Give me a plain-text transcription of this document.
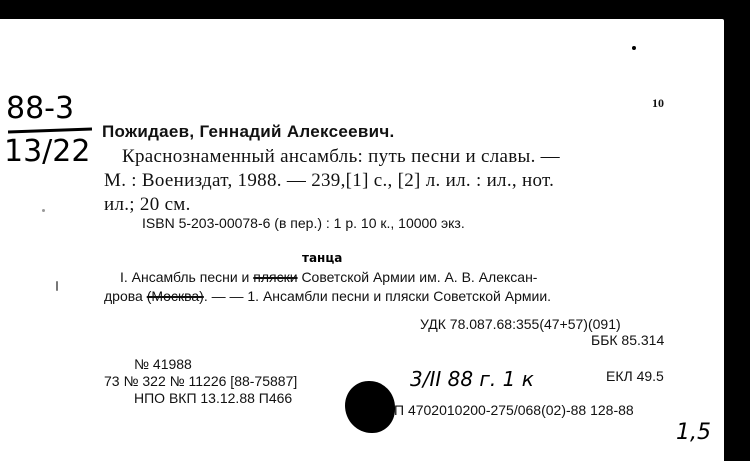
88-3
13/22
10
Пожидаев, Геннадий Алексеевич.
Краснознаменный ансамбль: путь песни и славы. —
М. : Воениздат, 1988. — 239,[1] с., [2] л. ил. : ил., нот.
ил.; 20 см.
ISBN 5-203-00078-6 (в пер.) : 1 р. 10 к., 10000 экз.
танца
I. Ансамбль песни и пляски Советской Армии им. А. В. Алексан-
дрова (Москва). — — 1. Ансамбли песни и пляски Советской Армии.
УДК 78.087.68:355(47+57)(091)
ББК 85.314
№ 41988
73 № 322 № 11226 [88-75887]
НПО ВКП 13.12.88 П466
3/II 88 г. 1 к	ЕКЛ 49.5
П 4702010200-275/068(02)-88 128-88
1,5
